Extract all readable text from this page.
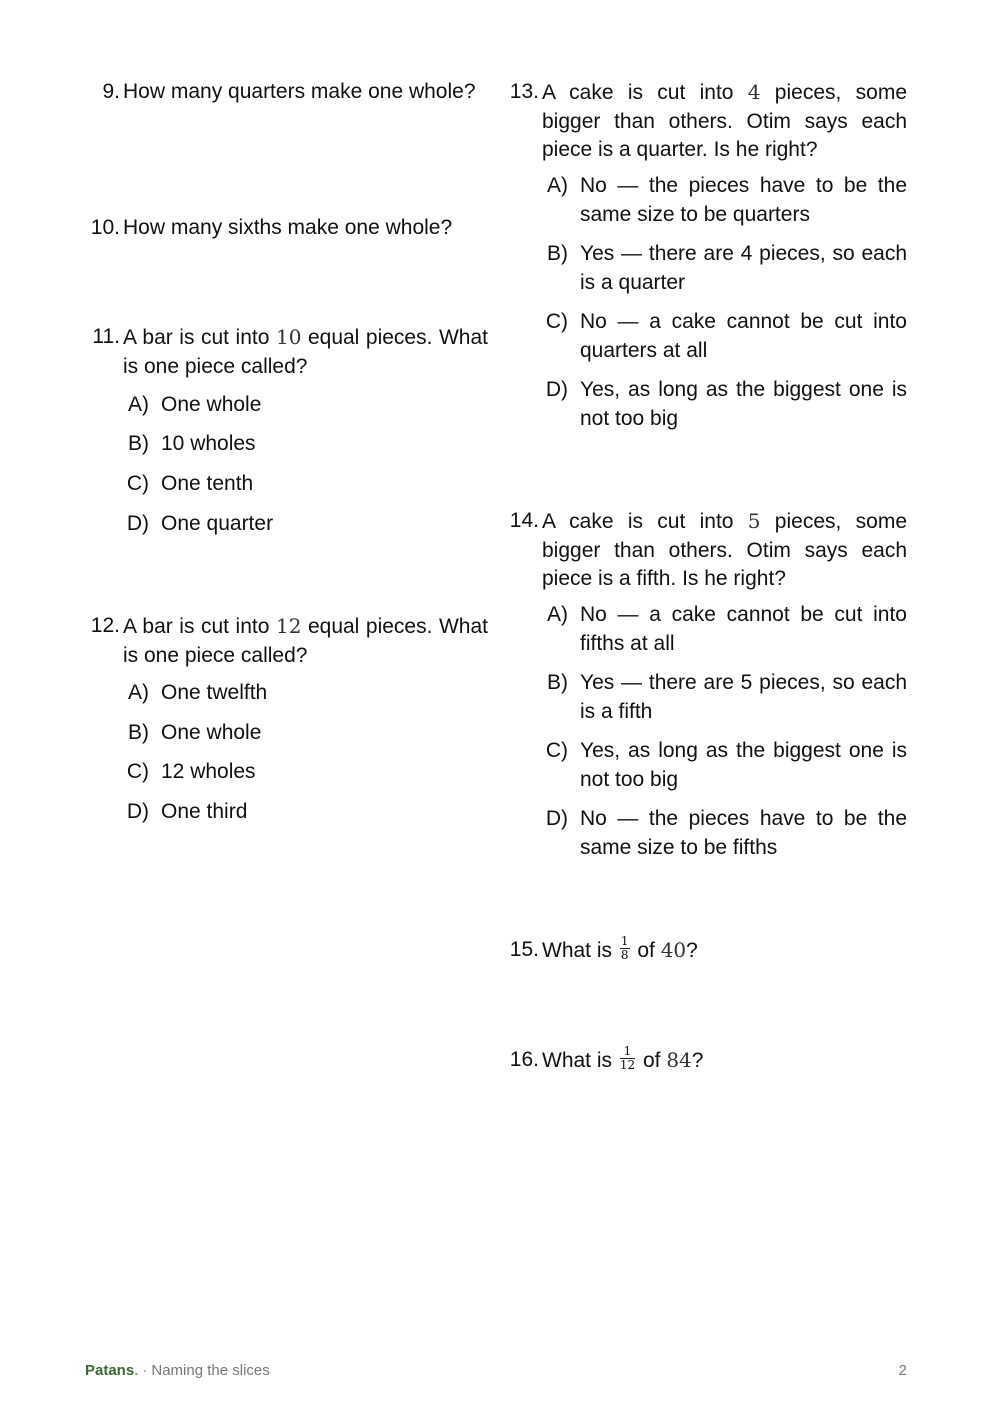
9. How many quarters make one whole?
10. How many sixths make one whole?
11. A bar is cut into 10 equal pieces. What is one piece called?
A) One whole
B) 10 wholes
C) One tenth
D) One quarter
12. A bar is cut into 12 equal pieces. What is one piece called?
A) One twelfth
B) One whole
C) 12 wholes
D) One third
13. A cake is cut into 4 pieces, some bigger than others. Otim says each piece is a quarter. Is he right?
A) No — the pieces have to be the same size to be quarters
B) Yes — there are 4 pieces, so each is a quarter
C) No — a cake cannot be cut into quarters at all
D) Yes, as long as the biggest one is not too big
14. A cake is cut into 5 pieces, some bigger than others. Otim says each piece is a fifth. Is he right?
A) No — a cake cannot be cut into fifths at all
B) Yes — there are 5 pieces, so each is a fifth
C) Yes, as long as the biggest one is not too big
D) No — the pieces have to be the same size to be fifths
15. What is $\frac{1}{8}$ of 40?
16. What is $\frac{1}{12}$ of 84?
Patans. · Naming the slices	2
